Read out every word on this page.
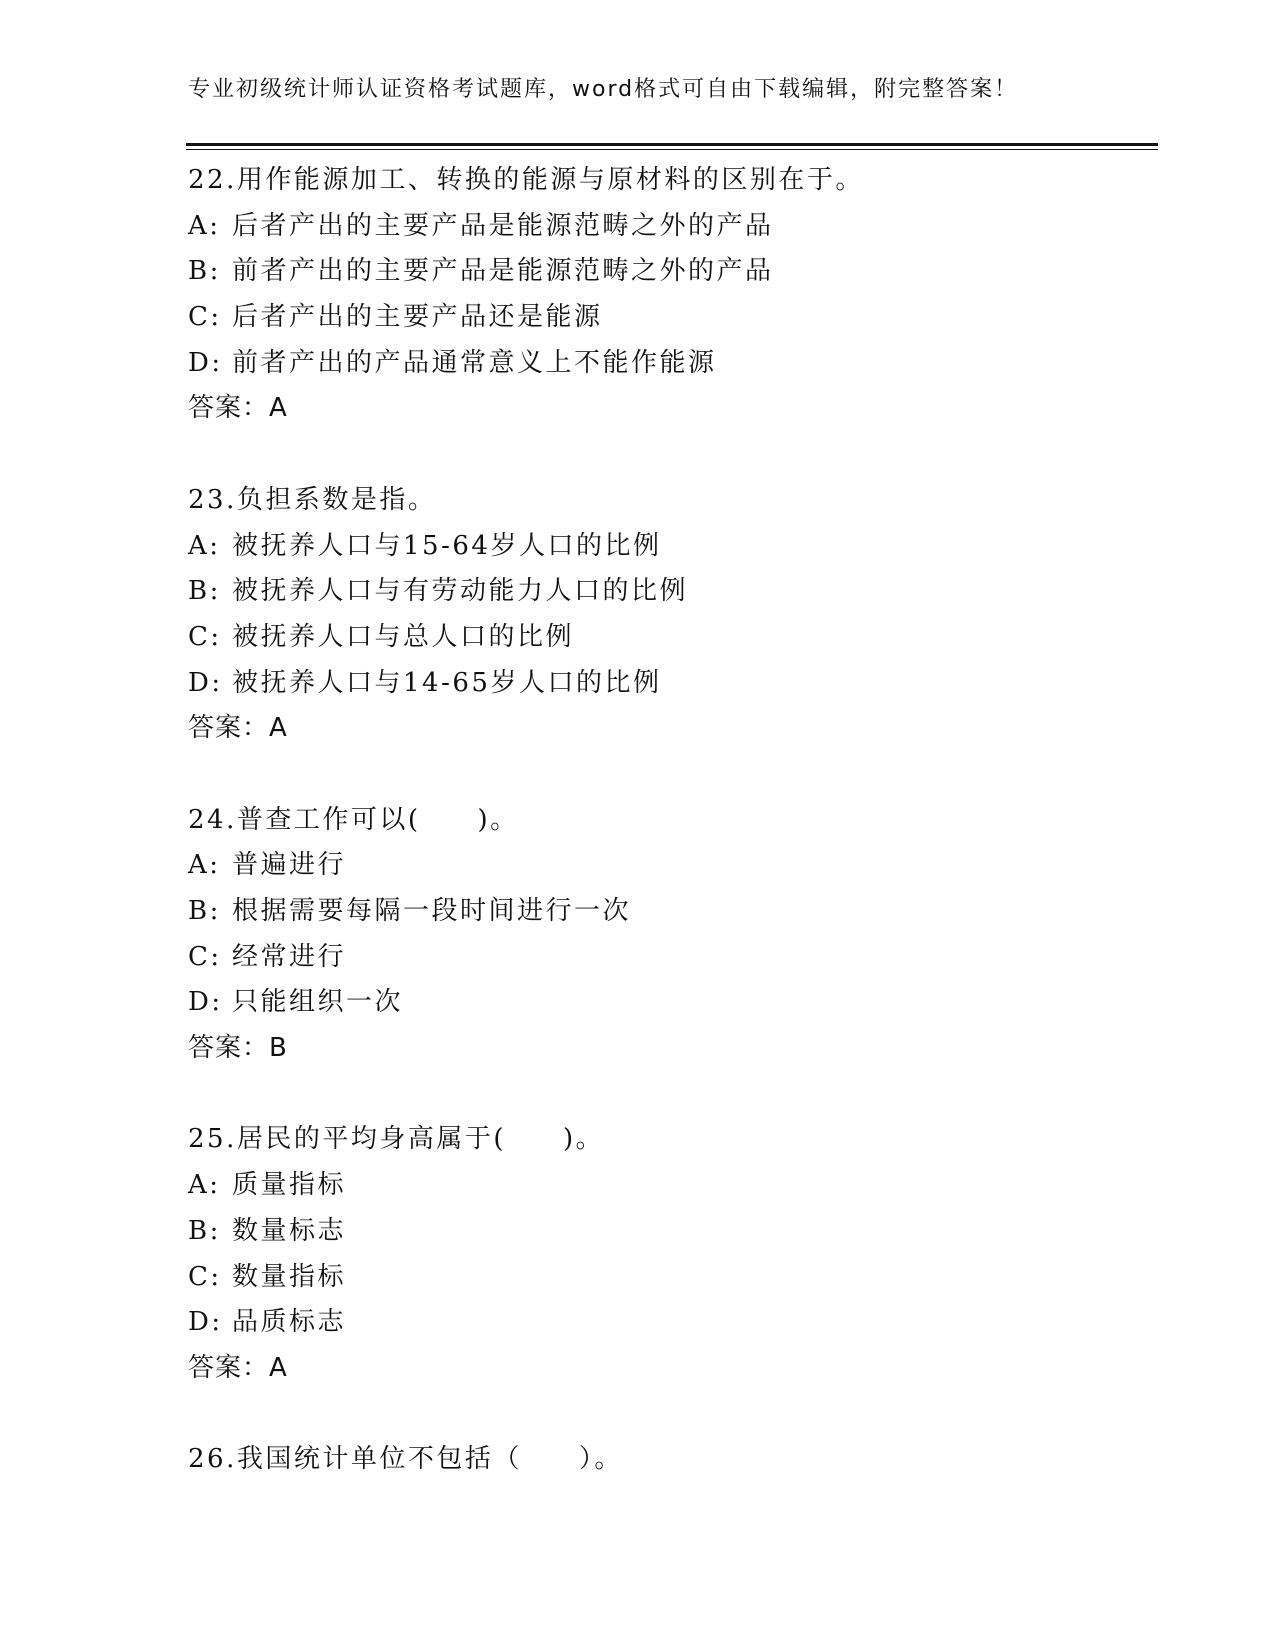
专业初级统计师认证资格考试题库，word格式可自由下载编辑，附完整答案！
22.用作能源加工、转换的能源与原材料的区别在于。
A: 后者产出的主要产品是能源范畴之外的产品
B: 前者产出的主要产品是能源范畴之外的产品
C: 后者产出的主要产品还是能源
D: 前者产出的产品通常意义上不能作能源
答案：A
23.负担系数是指。
A: 被抚养人口与15-64岁人口的比例
B: 被抚养人口与有劳动能力人口的比例
C: 被抚养人口与总人口的比例
D: 被抚养人口与14-65岁人口的比例
答案：A
24.普查工作可以(　　)。
A: 普遍进行
B: 根据需要每隔一段时间进行一次
C: 经常进行
D: 只能组织一次
答案：B
25.居民的平均身高属于(　　)。
A: 质量指标
B: 数量标志
C: 数量指标
D: 品质标志
答案：A
26.我国统计单位不包括（　　）。
